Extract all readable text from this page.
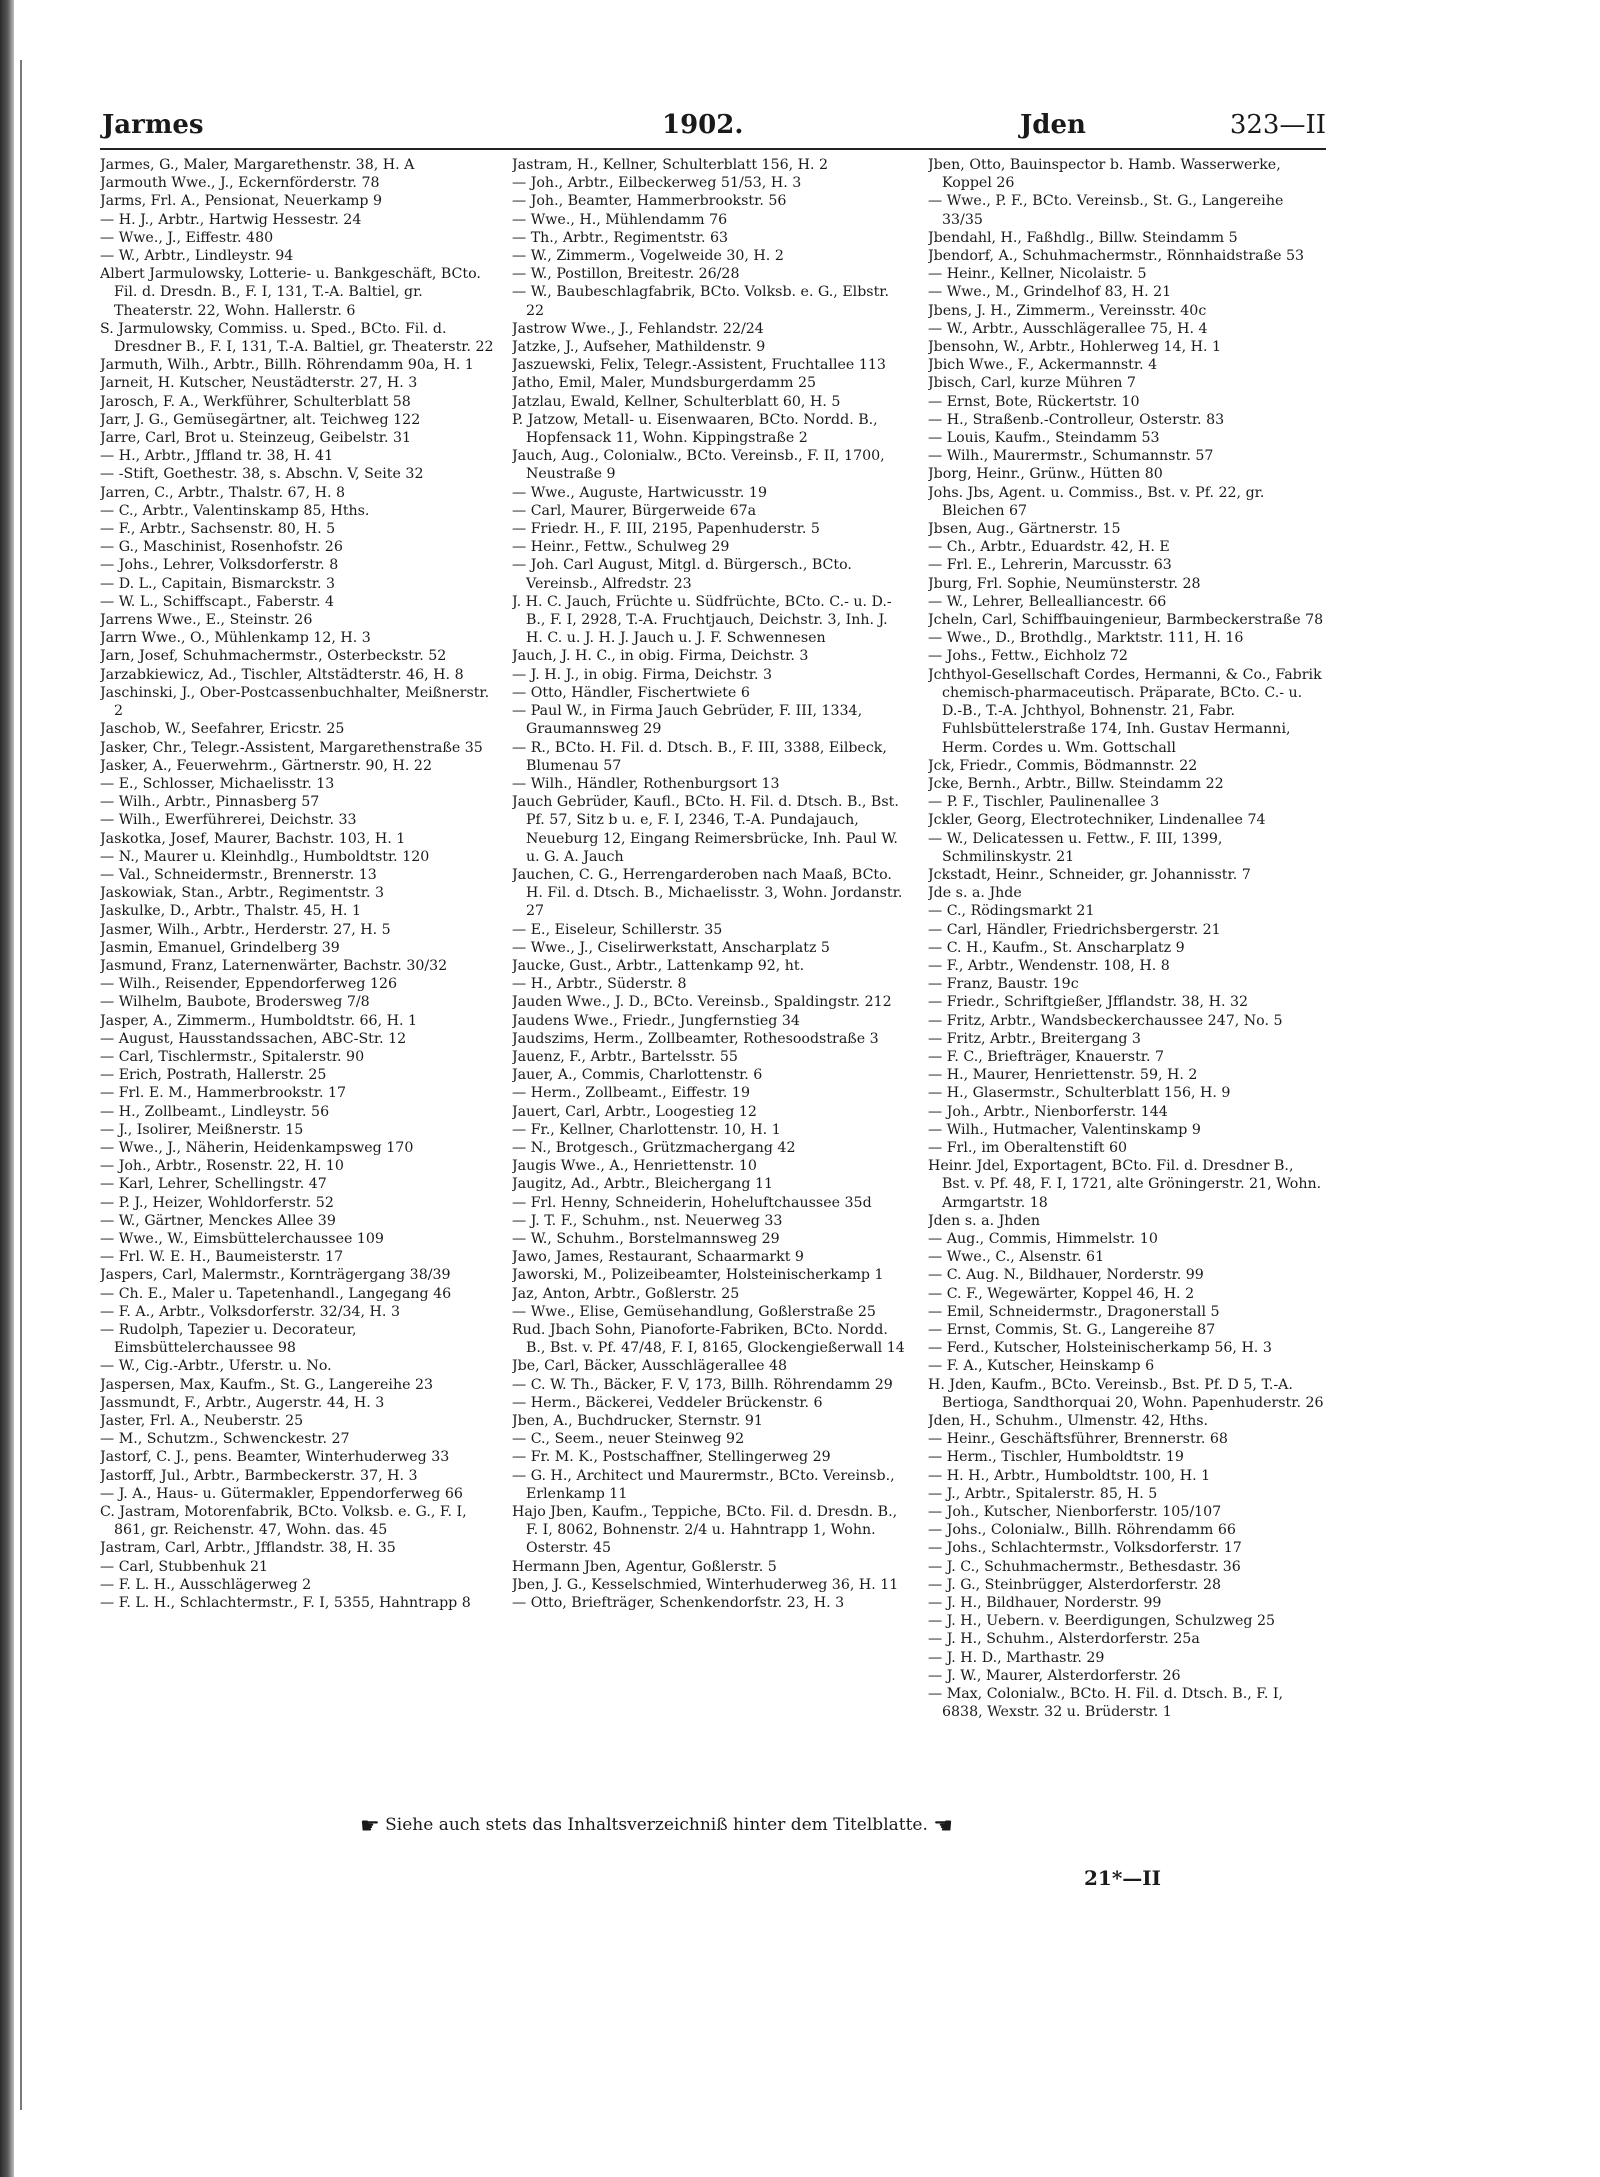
Jarmes	1902.	Jden	323—II

Jarmes, G., Maler, Margarethenstr. 38, H. A

Jarmouth Wwe., J., Eckernförderstr. 78

Jarms, Frl. A., Pensionat, Neuerkamp 9

— H. J., Arbtr., Hartwig Hessestr. 24

— Wwe., J., Eiffestr. 480

— W., Arbtr., Lindleystr. 94

Albert Jarmulowsky, Lotterie- u. Bankgeschäft, BCto. Fil. d. Dresdn. B., F. I, 131, T.-A. Baltiel, gr. Theaterstr. 22, Wohn. Hallerstr. 6

S. Jarmulowsky, Commiss. u. Sped., BCto. Fil. d. Dresdner B., F. I, 131, T.-A. Baltiel, gr. Theaterstr. 22

Jarmuth, Wilh., Arbtr., Billh. Röhrendamm 90a, H. 1

Jarneit, H. Kutscher, Neustädterstr. 27, H. 3

Jarosch, F. A., Werkführer, Schulterblatt 58

Jarr, J. G., Gemüsegärtner, alt. Teichweg 122

Jarre, Carl, Brot u. Steinzeug, Geibelstr. 31

— H., Arbtr., Jffland tr. 38, H. 41

— -Stift, Goethestr. 38, s. Abschn. V, Seite 32

Jarren, C., Arbtr., Thalstr. 67, H. 8

— C., Arbtr., Valentinskamp 85, Hths.

— F., Arbtr., Sachsenstr. 80, H. 5

— G., Maschinist, Rosenhofstr. 26

— Johs., Lehrer, Volksdorferstr. 8

— D. L., Capitain, Bismarckstr. 3

— W. L., Schiffscapt., Faberstr. 4

Jarrens Wwe., E., Steinstr. 26

Jarrn Wwe., O., Mühlenkamp 12, H. 3

Jarn, Josef, Schuhmachermstr., Osterbeckstr. 52

Jarzabkiewicz, Ad., Tischler, Altstädterstr. 46, H. 8

Jaschinski, J., Ober-Postcassenbuchhalter, Meißnerstr. 2

Jaschob, W., Seefahrer, Ericstr. 25

Jasker, Chr., Telegr.-Assistent, Margarethenstraße 35

Jasker, A., Feuerwehrm., Gärtnerstr. 90, H. 22

— E., Schlosser, Michaelisstr. 13

— Wilh., Arbtr., Pinnasberg 57

— Wilh., Ewerführerei, Deichstr. 33

Jaskotka, Josef, Maurer, Bachstr. 103, H. 1

— N., Maurer u. Kleinhdlg., Humboldtstr. 120

— Val., Schneidermstr., Brennerstr. 13

Jaskowiak, Stan., Arbtr., Regimentstr. 3

Jaskulke, D., Arbtr., Thalstr. 45, H. 1

Jasmer, Wilh., Arbtr., Herderstr. 27, H. 5

Jasmin, Emanuel, Grindelberg 39

Jasmund, Franz, Laternenwärter, Bachstr. 30/32

— Wilh., Reisender, Eppendorferweg 126

— Wilhelm, Baubote, Brodersweg 7/8

Jasper, A., Zimmerm., Humboldtstr. 66, H. 1

— August, Hausstandssachen, ABC-Str. 12

— Carl, Tischlermstr., Spitalerstr. 90

— Erich, Postrath, Hallerstr. 25

— Frl. E. M., Hammerbrookstr. 17

— H., Zollbeamt., Lindleystr. 56

— J., Isolirer, Meißnerstr. 15

— Wwe., J., Näherin, Heidenkampsweg 170

— Joh., Arbtr., Rosenstr. 22, H. 10

— Karl, Lehrer, Schellingstr. 47

— P. J., Heizer, Wohldorferstr. 52

— W., Gärtner, Menckes Allee 39

— Wwe., W., Eimsbüttelerchaussee 109

— Frl. W. E. H., Baumeisterstr. 17

Jaspers, Carl, Malermstr., Kornträgergang 38/39

— Ch. E., Maler u. Tapetenhandl., Langegang 46

— F. A., Arbtr., Volksdorferstr. 32/34, H. 3

— Rudolph, Tapezier u. Decorateur, Eimsbüttelerchaussee 98

— W., Cig.-Arbtr., Uferstr. u. No.

Jaspersen, Max, Kaufm., St. G., Langereihe 23

Jassmundt, F., Arbtr., Augerstr. 44, H. 3

Jaster, Frl. A., Neuberstr. 25

— M., Schutzm., Schwenckestr. 27

Jastorf, C. J., pens. Beamter, Winterhuderweg 33

Jastorff, Jul., Arbtr., Barmbeckerstr. 37, H. 3

— J. A., Haus- u. Gütermakler, Eppendorferweg 66

C. Jastram, Motorenfabrik, BCto. Volksb. e. G., F. I, 861, gr. Reichenstr. 47, Wohn. das. 45

Jastram, Carl, Arbtr., Jfflandstr. 38, H. 35

— Carl, Stubbenhuk 21

— F. L. H., Ausschlägerweg 2

— F. L. H., Schlachtermstr., F. I, 5355, Hahntrapp 8

Jastram, H., Kellner, Schulterblatt 156, H. 2

— Joh., Arbtr., Eilbeckerweg 51/53, H. 3

— Joh., Beamter, Hammerbrookstr. 56

— Wwe., H., Mühlendamm 76

— Th., Arbtr., Regimentstr. 63

— W., Zimmerm., Vogelweide 30, H. 2

— W., Postillon, Breitestr. 26/28

— W., Baubeschlagfabrik, BCto. Volksb. e. G., Elbstr. 22

Jastrow Wwe., J., Fehlandstr. 22/24

Jatzke, J., Aufseher, Mathildenstr. 9

Jaszuewski, Felix, Telegr.-Assistent, Fruchtallee 113

Jatho, Emil, Maler, Mundsburgerdamm 25

Jatzlau, Ewald, Kellner, Schulterblatt 60, H. 5

P. Jatzow, Metall- u. Eisenwaaren, BCto. Nordd. B., Hopfensack 11, Wohn. Kippingstraße 2

Jauch, Aug., Colonialw., BCto. Vereinsb., F. II, 1700, Neustraße 9

— Wwe., Auguste, Hartwicusstr. 19

— Carl, Maurer, Bürgerweide 67a

— Friedr. H., F. III, 2195, Papenhuderstr. 5

— Heinr., Fettw., Schulweg 29

— Joh. Carl August, Mitgl. d. Bürgersch., BCto. Vereinsb., Alfredstr. 23

J. H. C. Jauch, Früchte u. Südfrüchte, BCto. C.- u. D.-B., F. I, 2928, T.-A. Fruchtjauch, Deichstr. 3, Inh. J. H. C. u. J. H. J. Jauch u. J. F. Schwennesen

Jauch, J. H. C., in obig. Firma, Deichstr. 3

— J. H. J., in obig. Firma, Deichstr. 3

— Otto, Händler, Fischertwiete 6

— Paul W., in Firma Jauch Gebrüder, F. III, 1334, Graumannsweg 29

— R., BCto. H. Fil. d. Dtsch. B., F. III, 3388, Eilbeck, Blumenau 57

— Wilh., Händler, Rothenburgsort 13

Jauch Gebrüder, Kaufl., BCto. H. Fil. d. Dtsch. B., Bst. Pf. 57, Sitz b u. e, F. I, 2346, T.-A. Pundajauch, Neueburg 12, Eingang Reimersbrücke, Inh. Paul W. u. G. A. Jauch

Jauchen, C. G., Herrengarderoben nach Maaß, BCto. H. Fil. d. Dtsch. B., Michaelisstr. 3, Wohn. Jordanstr. 27

— E., Eiseleur, Schillerstr. 35

— Wwe., J., Ciselirwerkstatt, Anscharplatz 5

Jaucke, Gust., Arbtr., Lattenkamp 92, ht.

— H., Arbtr., Süderstr. 8

Jauden Wwe., J. D., BCto. Vereinsb., Spaldingstr. 212

Jaudens Wwe., Friedr., Jungfernstieg 34

Jaudszims, Herm., Zollbeamter, Rothesoodstraße 3

Jauenz, F., Arbtr., Bartelsstr. 55

Jauer, A., Commis, Charlottenstr. 6

— Herm., Zollbeamt., Eiffestr. 19

Jauert, Carl, Arbtr., Loogestieg 12

— Fr., Kellner, Charlottenstr. 10, H. 1

— N., Brotgesch., Grützmachergang 42

Jaugis Wwe., A., Henriettenstr. 10

Jaugitz, Ad., Arbtr., Bleichergang 11

— Frl. Henny, Schneiderin, Hoheluftchaussee 35d

— J. T. F., Schuhm., nst. Neuerweg 33

— W., Schuhm., Borstelmannsweg 29

Jawo, James, Restaurant, Schaarmarkt 9

Jaworski, M., Polizeibeamter, Holsteinischerkamp 1

Jaz, Anton, Arbtr., Goßlerstr. 25

— Wwe., Elise, Gemüsehandlung, Goßlerstraße 25

Rud. Jbach Sohn, Pianoforte-Fabriken, BCto. Nordd. B., Bst. v. Pf. 47/48, F. I, 8165, Glockengießerwall 14

Jbe, Carl, Bäcker, Ausschlägerallee 48

— C. W. Th., Bäcker, F. V, 173, Billh. Röhrendamm 29

— Herm., Bäckerei, Veddeler Brückenstr. 6

Jben, A., Buchdrucker, Sternstr. 91

— C., Seem., neuer Steinweg 92

— Fr. M. K., Postschaffner, Stellingerweg 29

— G. H., Architect und Maurermstr., BCto. Vereinsb., Erlenkamp 11

Hajo Jben, Kaufm., Teppiche, BCto. Fil. d. Dresdn. B., F. I, 8062, Bohnenstr. 2/4 u. Hahntrapp 1, Wohn. Osterstr. 45

Hermann Jben, Agentur, Goßlerstr. 5

Jben, J. G., Kesselschmied, Winterhuderweg 36, H. 11

— Otto, Briefträger, Schenkendorfstr. 23, H. 3

Jben, Otto, Bauinspector b. Hamb. Wasserwerke, Koppel 26

— Wwe., P. F., BCto. Vereinsb., St. G., Langereihe 33/35

Jbendahl, H., Faßhdlg., Billw. Steindamm 5

Jbendorf, A., Schuhmachermstr., Rönnhaidstraße 53

— Heinr., Kellner, Nicolaistr. 5

— Wwe., M., Grindelhof 83, H. 21

Jbens, J. H., Zimmerm., Vereinsstr. 40c

— W., Arbtr., Ausschlägerallee 75, H. 4

Jbensohn, W., Arbtr., Hohlerweg 14, H. 1

Jbich Wwe., F., Ackermannstr. 4

Jbisch, Carl, kurze Mühren 7

— Ernst, Bote, Rückertstr. 10

— H., Straßenb.-Controlleur, Osterstr. 83

— Louis, Kaufm., Steindamm 53

— Wilh., Maurermstr., Schumannstr. 57

Jborg, Heinr., Grünw., Hütten 80

Johs. Jbs, Agent. u. Commiss., Bst. v. Pf. 22, gr. Bleichen 67

Jbsen, Aug., Gärtnerstr. 15

— Ch., Arbtr., Eduardstr. 42, H. E

— Frl. E., Lehrerin, Marcusstr. 63

Jburg, Frl. Sophie, Neumünsterstr. 28

— W., Lehrer, Bellealliancestr. 66

Jcheln, Carl, Schiffbauingenieur, Barmbeckerstraße 78

— Wwe., D., Brothdlg., Marktstr. 111, H. 16

— Johs., Fettw., Eichholz 72

Jchthyol-Gesellschaft Cordes, Hermanni, & Co., Fabrik chemisch-pharmaceutisch. Präparate, BCto. C.- u. D.-B., T.-A. Jchthyol, Bohnenstr. 21, Fabr. Fuhlsbüttelerstraße 174, Inh. Gustav Hermanni, Herm. Cordes u. Wm. Gottschall

Jck, Friedr., Commis, Bödmannstr. 22

Jcke, Bernh., Arbtr., Billw. Steindamm 22

— P. F., Tischler, Paulinenallee 3

Jckler, Georg, Electrotechniker, Lindenallee 74

— W., Delicatessen u. Fettw., F. III, 1399, Schmilinskystr. 21

Jckstadt, Heinr., Schneider, gr. Johannisstr. 7

Jde s. a. Jhde

— C., Rödingsmarkt 21

— Carl, Händler, Friedrichsbergerstr. 21

— C. H., Kaufm., St. Anscharplatz 9

— F., Arbtr., Wendenstr. 108, H. 8

— Franz, Baustr. 19c

— Friedr., Schriftgießer, Jfflandstr. 38, H. 32

— Fritz, Arbtr., Wandsbeckerchaussee 247, No. 5

— Fritz, Arbtr., Breitergang 3

— F. C., Briefträger, Knauerstr. 7

— H., Maurer, Henriettenstr. 59, H. 2

— H., Glasermstr., Schulterblatt 156, H. 9

— Joh., Arbtr., Nienborferstr. 144

— Wilh., Hutmacher, Valentinskamp 9

— Frl., im Oberaltenstift 60

Heinr. Jdel, Exportagent, BCto. Fil. d. Dresdner B., Bst. v. Pf. 48, F. I, 1721, alte Gröningerstr. 21, Wohn. Armgartstr. 18

Jden s. a. Jhden

— Aug., Commis, Himmelstr. 10

— Wwe., C., Alsenstr. 61

— C. Aug. N., Bildhauer, Norderstr. 99

— C. F., Wegewärter, Koppel 46, H. 2

— Emil, Schneidermstr., Dragonerstall 5

— Ernst, Commis, St. G., Langereihe 87

— Ferd., Kutscher, Holsteinischerkamp 56, H. 3

— F. A., Kutscher, Heinskamp 6

H. Jden, Kaufm., BCto. Vereinsb., Bst. Pf. D 5, T.-A. Bertioga, Sandthorquai 20, Wohn. Papenhuderstr. 26

Jden, H., Schuhm., Ulmenstr. 42, Hths.

— Heinr., Geschäftsführer, Brennerstr. 68

— Herm., Tischler, Humboldtstr. 19

— H. H., Arbtr., Humboldtstr. 100, H. 1

— J., Arbtr., Spitalerstr. 85, H. 5

— Joh., Kutscher, Nienborferstr. 105/107

— Johs., Colonialw., Billh. Röhrendamm 66

— Johs., Schlachtermstr., Volksdorferstr. 17

— J. C., Schuhmachermstr., Bethesdastr. 36

— J. G., Steinbrügger, Alsterdorferstr. 28

— J. H., Bildhauer, Norderstr. 99

— J. H., Uebern. v. Beerdigungen, Schulzweg 25

— J. H., Schuhm., Alsterdorferstr. 25a

— J. H. D., Marthastr. 29

— J. W., Maurer, Alsterdorferstr. 26

— Max, Colonialw., BCto. H. Fil. d. Dtsch. B., F. I, 6838, Wexstr. 32 u. Brüderstr. 1

☛ Siehe auch stets das Inhaltsverzeichniß hinter dem Titelblatte. ☚
21*—II
